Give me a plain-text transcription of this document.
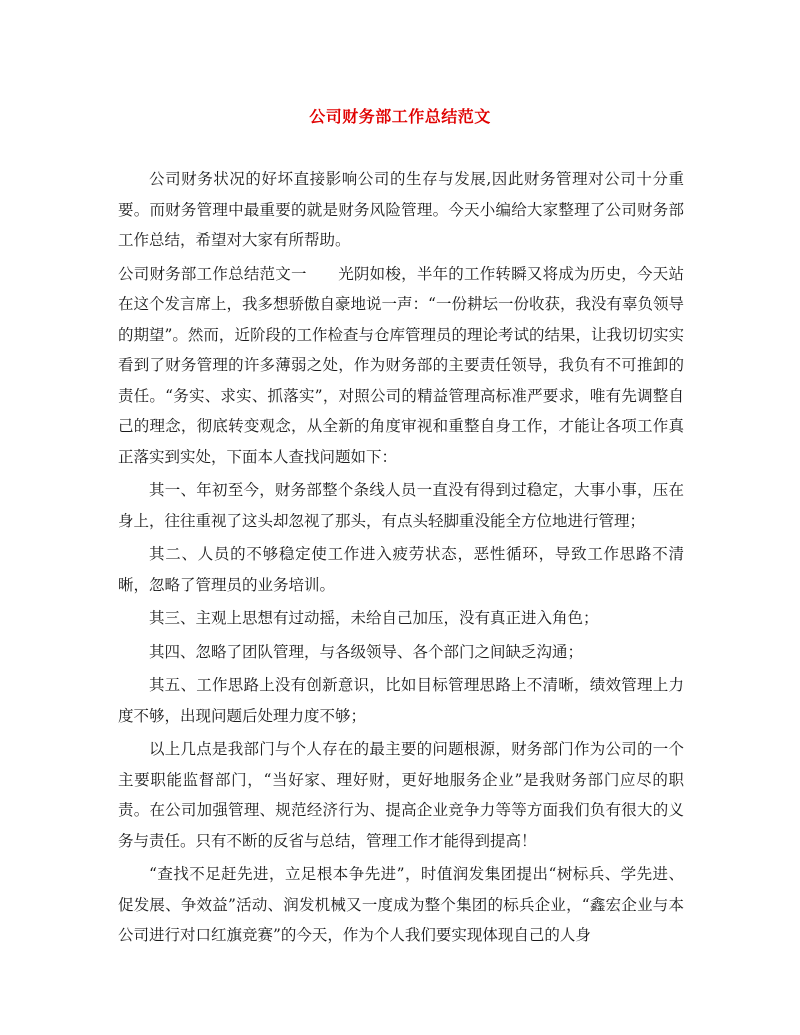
公司财务部工作总结范文

公司财务状况的好坏直接影响公司的生存与发展,因此财务管理对公司十分重要。而财务管理中最重要的就是财务风险管理。今天小编给大家整理了公司财务部工作总结，希望对大家有所帮助。

公司财务部工作总结范文一　　光阴如梭，半年的工作转瞬又将成为历史，今天站在这个发言席上，我多想骄傲自豪地说一声：“一份耕坛一份收获，我没有辜负领导的期望”。然而，近阶段的工作检查与仓库管理员的理论考试的结果，让我切切实实看到了财务管理的许多薄弱之处，作为财务部的主要责任领导，我负有不可推卸的责任。“务实、求实、抓落实”，对照公司的精益管理高标准严要求，唯有先调整自己的理念，彻底转变观念，从全新的角度审视和重整自身工作，才能让各项工作真正落实到实处，下面本人查找问题如下：

其一、年初至今，财务部整个条线人员一直没有得到过稳定，大事小事，压在身上，往往重视了这头却忽视了那头，有点头轻脚重没能全方位地进行管理；

其二、人员的不够稳定使工作进入疲劳状态，恶性循环，导致工作思路不清晰，忽略了管理员的业务培训。

其三、主观上思想有过动摇，未给自己加压，没有真正进入角色；

其四、忽略了团队管理，与各级领导、各个部门之间缺乏沟通；

其五、工作思路上没有创新意识，比如目标管理思路上不清晰，绩效管理上力度不够，出现问题后处理力度不够；

以上几点是我部门与个人存在的最主要的问题根源，财务部门作为公司的一个主要职能监督部门，“当好家、理好财，更好地服务企业”是我财务部门应尽的职责。在公司加强管理、规范经济行为、提高企业竞争力等等方面我们负有很大的义务与责任。只有不断的反省与总结，管理工作才能得到提高！

“查找不足赶先进，立足根本争先进”，时值润发集团提出“树标兵、学先进、促发展、争效益”活动、润发机械又一度成为整个集团的标兵企业，“鑫宏企业与本公司进行对口红旗竞赛”的今天，作为个人我们要实现体现自己的人身
